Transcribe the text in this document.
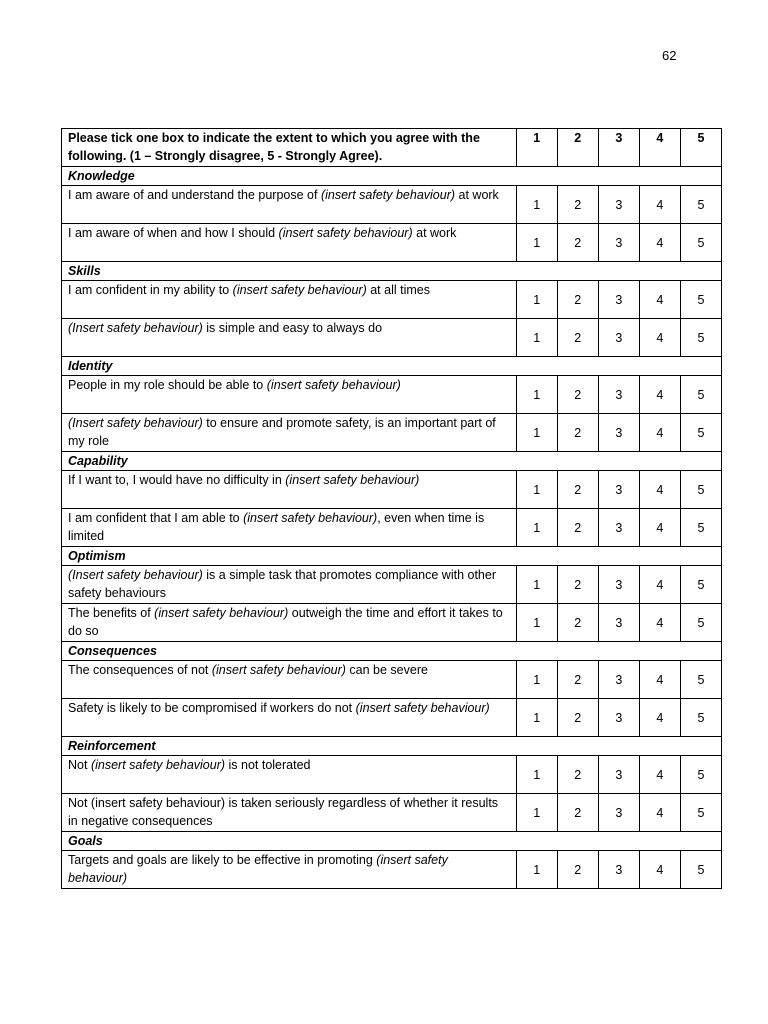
62
Please tick one box to indicate the extent to which you agree with the following. (1 – Strongly disagree, 5 - Strongly Agree).	1	2	3	4	5
Knowledge					
I am aware of and understand the purpose of (insert safety behaviour) at work	1	2	3	4	5
I am aware of when and how I should (insert safety behaviour) at work	1	2	3	4	5
Skills					
I am confident in my ability to (insert safety behaviour) at all times	1	2	3	4	5
(Insert safety behaviour) is simple and easy to always do	1	2	3	4	5
Identity					
People in my role should be able to (insert safety behaviour)	1	2	3	4	5
(Insert safety behaviour) to ensure and promote safety, is an important part of my role	1	2	3	4	5
Capability					
If I want to, I would have no difficulty in (insert safety behaviour)	1	2	3	4	5
I am confident that I am able to (insert safety behaviour), even when time is limited	1	2	3	4	5
Optimism					
(Insert safety behaviour) is a simple task that promotes compliance with other safety behaviours	1	2	3	4	5
The benefits of (insert safety behaviour) outweigh the time and effort it takes to do so	1	2	3	4	5
Consequences					
The consequences of not (insert safety behaviour) can be severe	1	2	3	4	5
Safety is likely to be compromised if workers do not (insert safety behaviour)	1	2	3	4	5
Reinforcement					
Not (insert safety behaviour) is not tolerated	1	2	3	4	5
Not (insert safety behaviour) is taken seriously regardless of whether it results in negative consequences	1	2	3	4	5
Goals					
Targets and goals are likely to be effective in promoting (insert safety behaviour)	1	2	3	4	5
